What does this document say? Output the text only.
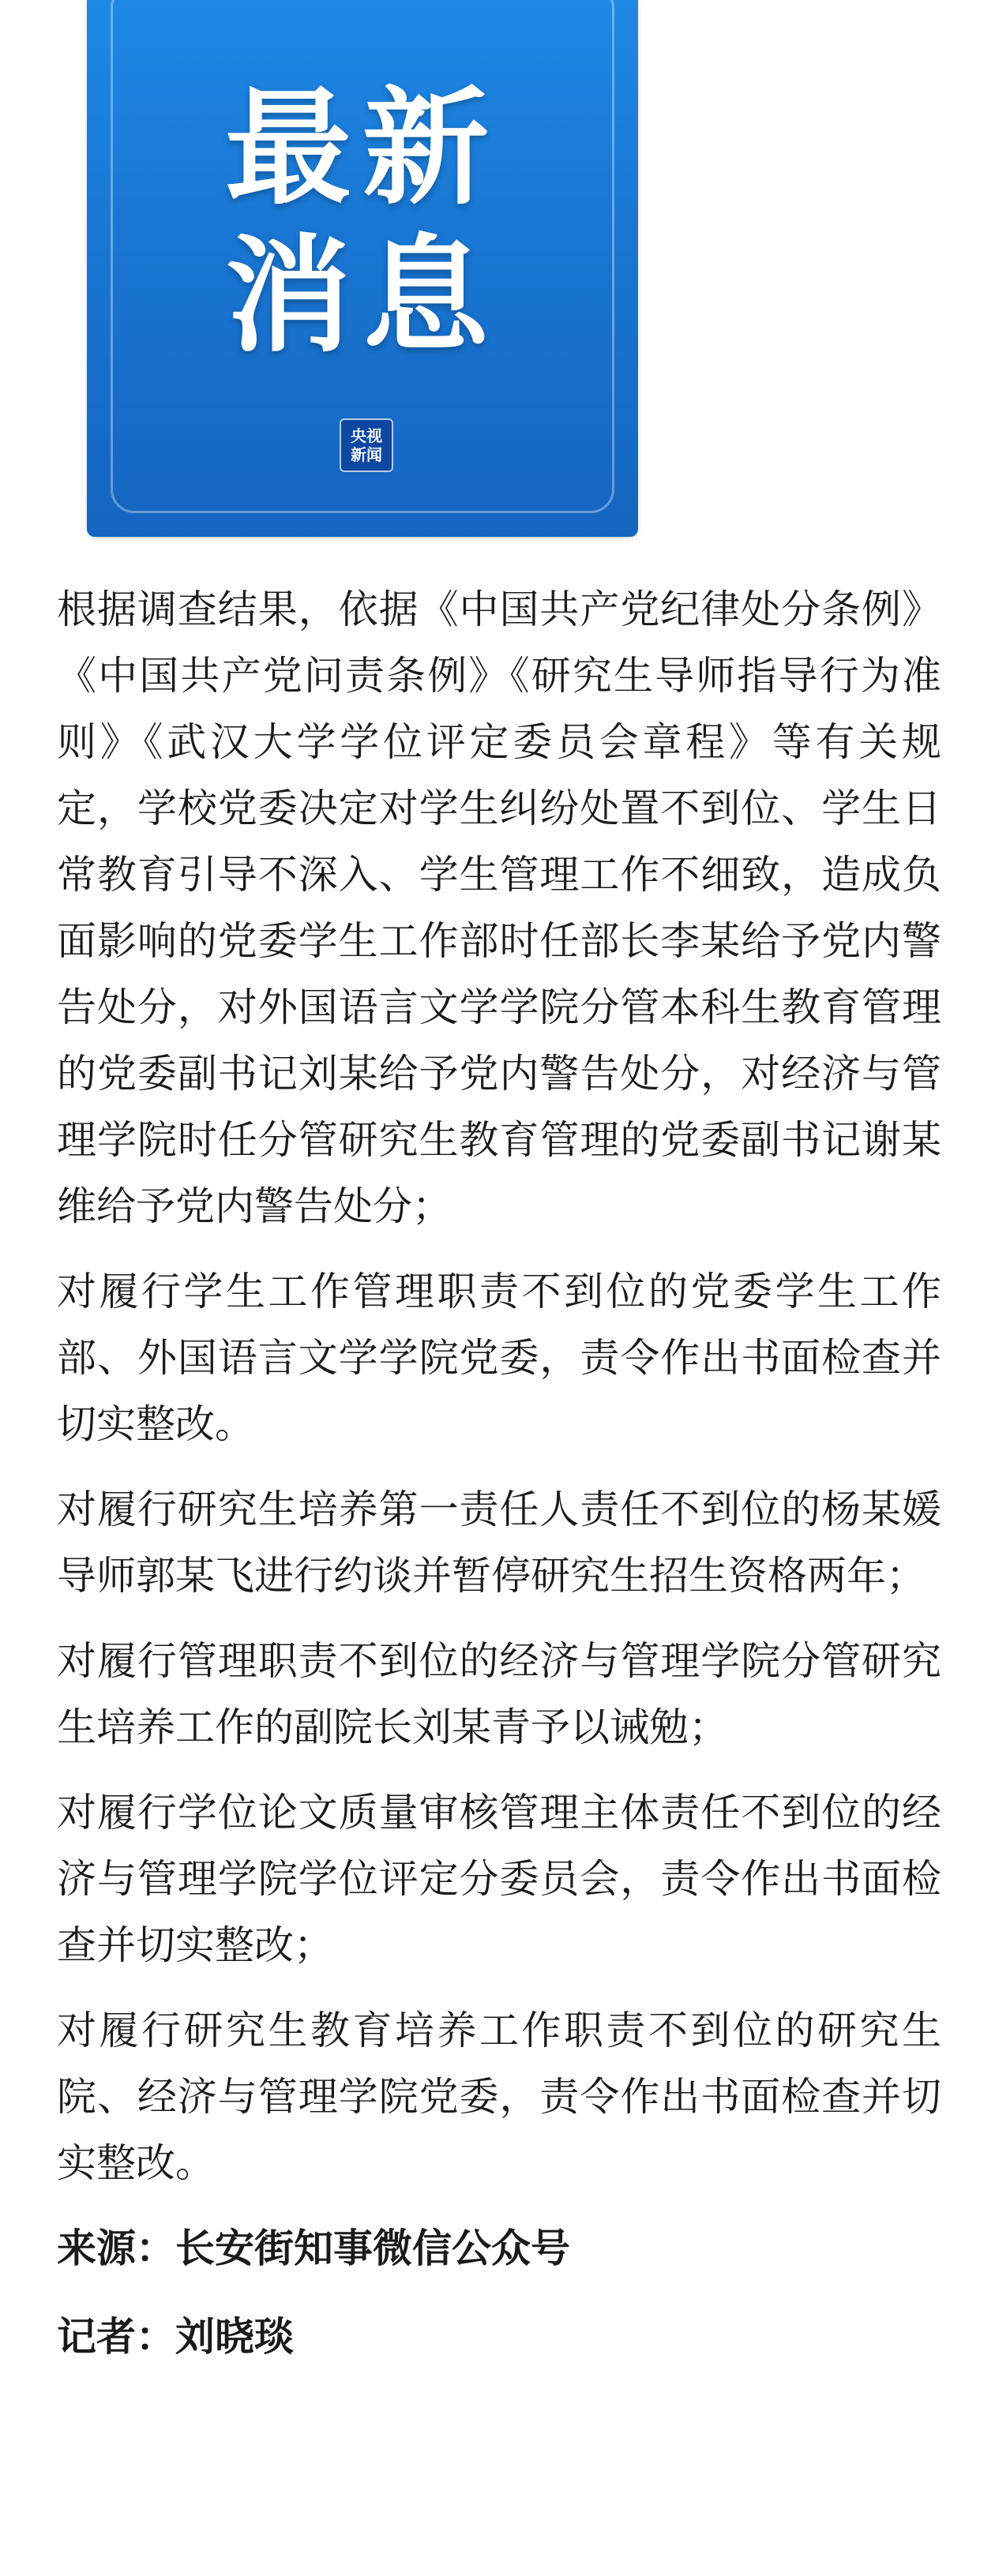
最新
消息
央视
新闻

根据调查结果，依据《中国共产党纪律处分条例》《中国共产党问责条例》《研究生导师指导行为准则》《武汉大学学位评定委员会章程》等有关规定，学校党委决定对学生纠纷处置不到位、学生日常教育引导不深入、学生管理工作不细致，造成负面影响的党委学生工作部时任部长李某给予党内警告处分，对外国语言文学学院分管本科生教育管理的党委副书记刘某给予党内警告处分，对经济与管理学院时任分管研究生教育管理的党委副书记谢某维给予党内警告处分；

对履行学生工作管理职责不到位的党委学生工作部、外国语言文学学院党委，责令作出书面检查并切实整改。

对履行研究生培养第一责任人责任不到位的杨某媛导师郭某飞进行约谈并暂停研究生招生资格两年；

对履行管理职责不到位的经济与管理学院分管研究生培养工作的副院长刘某青予以诫勉；

对履行学位论文质量审核管理主体责任不到位的经济与管理学院学位评定分委员会，责令作出书面检查并切实整改；

对履行研究生教育培养工作职责不到位的研究生院、经济与管理学院党委，责令作出书面检查并切实整改。

来源：长安街知事微信公众号
记者：刘晓琰
